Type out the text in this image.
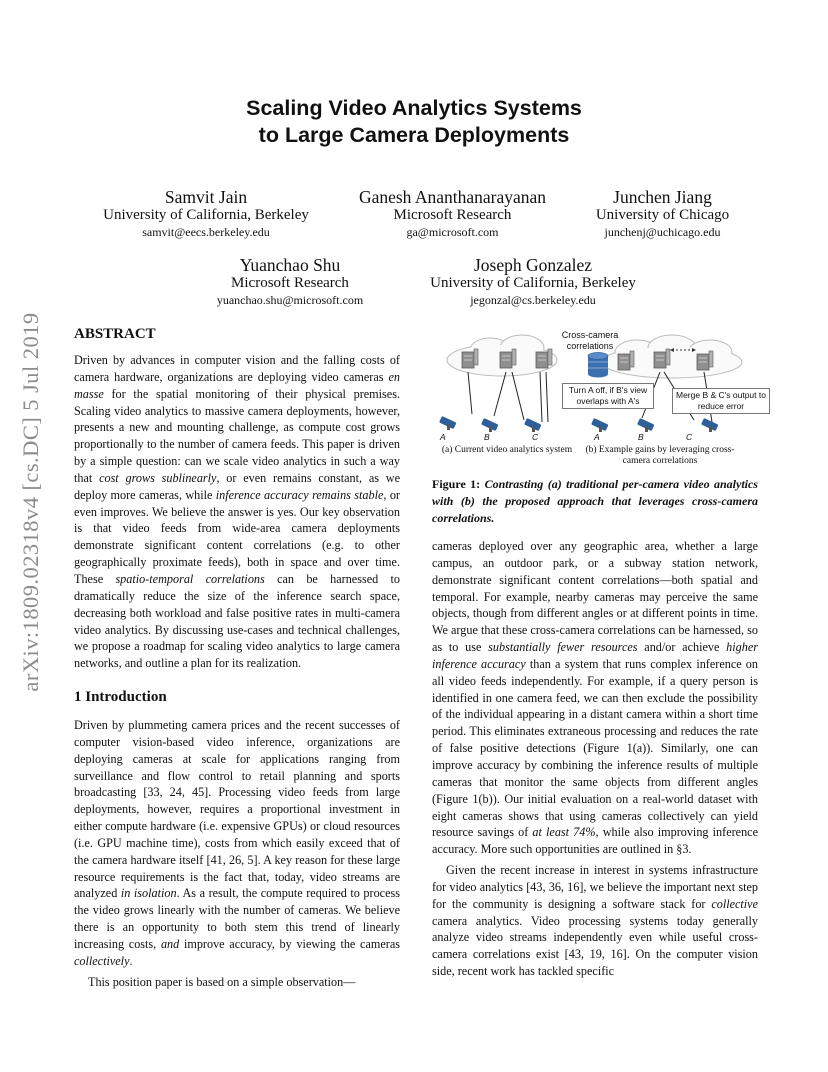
arXiv:1809.02318v4 [cs.DC] 5 Jul 2019
Scaling Video Analytics Systems
to Large Camera Deployments
Samvit Jain
University of California, Berkeley
samvit@eecs.berkeley.edu
Ganesh Ananthanarayanan
Microsoft Research
ga@microsoft.com
Junchen Jiang
University of Chicago
junchenj@uchicago.edu
Yuanchao Shu
Microsoft Research
yuanchao.shu@microsoft.com
Joseph Gonzalez
University of California, Berkeley
jegonzal@cs.berkeley.edu
ABSTRACT

Driven by advances in computer vision and the falling costs of camera hardware, organizations are deploying video cameras en masse for the spatial monitoring of their physical premises. Scaling video analytics to massive camera deployments, however, presents a new and mounting challenge, as compute cost grows proportionally to the number of camera feeds. This paper is driven by a simple question: can we scale video analytics in such a way that cost grows sublinearly, or even remains constant, as we deploy more cameras, while inference accuracy remains stable, or even improves. We believe the answer is yes. Our key observation is that video feeds from wide-area camera deployments demonstrate significant content correlations (e.g. to other geographically proximate feeds), both in space and over time. These spatio-temporal correlations can be harnessed to dramatically reduce the size of the inference search space, decreasing both workload and false positive rates in multi-camera video analytics. By discussing use-cases and technical challenges, we propose a roadmap for scaling video analytics to large camera networks, and outline a plan for its realization.

1 Introduction

Driven by plummeting camera prices and the recent successes of computer vision-based video inference, organizations are deploying cameras at scale for applications ranging from surveillance and flow control to retail planning and sports broadcasting [33, 24, 45]. Processing video feeds from large deployments, however, requires a proportional investment in either compute hardware (i.e. expensive GPUs) or cloud resources (i.e. GPU machine time), costs from which easily exceed that of the camera hardware itself [41, 26, 5]. A key reason for these large resource requirements is the fact that, today, video streams are analyzed in isolation. As a result, the compute required to process the video grows linearly with the number of cameras. We believe there is an opportunity to both stem this trend of linearly increasing costs, and improve accuracy, by viewing the cameras collectively.

This position paper is based on a simple observation—

A	B	C	A	B	C
Cross-camera correlations
Turn A off, if B's view overlaps with A's
Merge B & C's output to reduce error
(a) Current video analytics system	(b) Example gains by leveraging cross-camera correlations
Figure 1: Contrasting (a) traditional per-camera video analytics with (b) the proposed approach that leverages cross-camera correlations.

cameras deployed over any geographic area, whether a large campus, an outdoor park, or a subway station network, demonstrate significant content correlations—both spatial and temporal. For example, nearby cameras may perceive the same objects, though from different angles or at different points in time. We argue that these cross-camera correlations can be harnessed, so as to use substantially fewer resources and/or achieve higher inference accuracy than a system that runs complex inference on all video feeds independently. For example, if a query person is identified in one camera feed, we can then exclude the possibility of the individual appearing in a distant camera within a short time period. This eliminates extraneous processing and reduces the rate of false positive detections (Figure 1(a)). Similarly, one can improve accuracy by combining the inference results of multiple cameras that monitor the same objects from different angles (Figure 1(b)). Our initial evaluation on a real-world dataset with eight cameras shows that using cameras collectively can yield resource savings of at least 74%, while also improving inference accuracy. More such opportunities are outlined in §3.

Given the recent increase in interest in systems infrastructure for video analytics [43, 36, 16], we believe the important next step for the community is designing a software stack for collective camera analytics. Video processing systems today generally analyze video streams independently even while useful cross-camera correlations exist [43, 19, 16]. On the computer vision side, recent work has tackled specific
